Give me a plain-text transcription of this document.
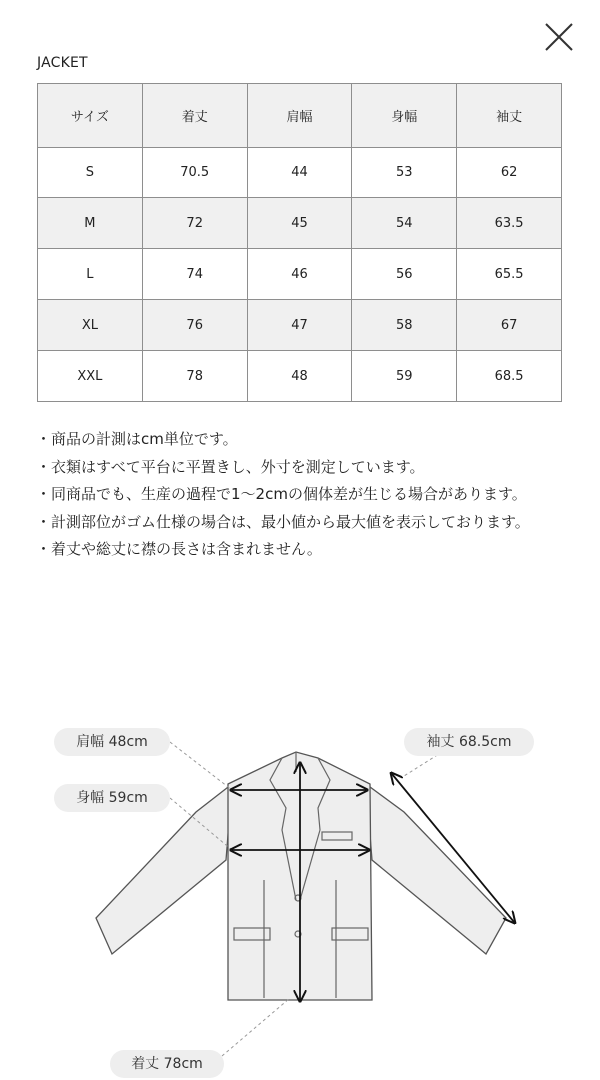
JACKET
サイズ	着丈	肩幅	身幅	袖丈
S	70.5	44	53	62
M	72	45	54	63.5
L	74	46	56	65.5
XL	76	47	58	67
XXL	78	48	59	68.5

・商品の計測はcm単位です。

・衣類はすべて平台に平置きし、外寸を測定しています。

・同商品でも、生産の過程で1〜2cmの個体差が生じる場合があります。

・計測部位がゴム仕様の場合は、最小値から最大値を表示しております。

・着丈や総丈に襟の長さは含まれません。

肩幅 48cm
身幅 59cm
袖丈 68.5cm
着丈 78cm
